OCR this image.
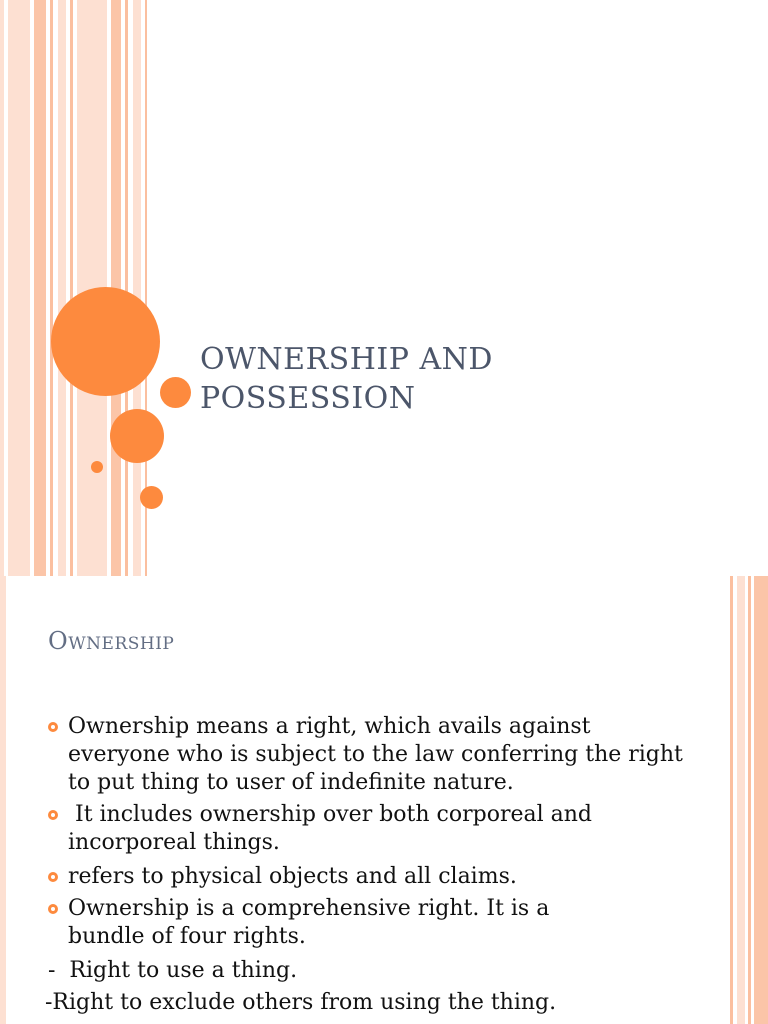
OWNERSHIP AND
POSSESSION
OWNERSHIP
Ownership means a right, which avails against everyone who is subject to the law conferring the right to put thing to user of indefinite nature.
It includes ownership over both corporeal and incorporeal things.
refers to physical objects and all claims.
Ownership is a comprehensive right. It is a bundle of four rights.
-  Right to use a thing.
-Right to exclude others from using the thing.
